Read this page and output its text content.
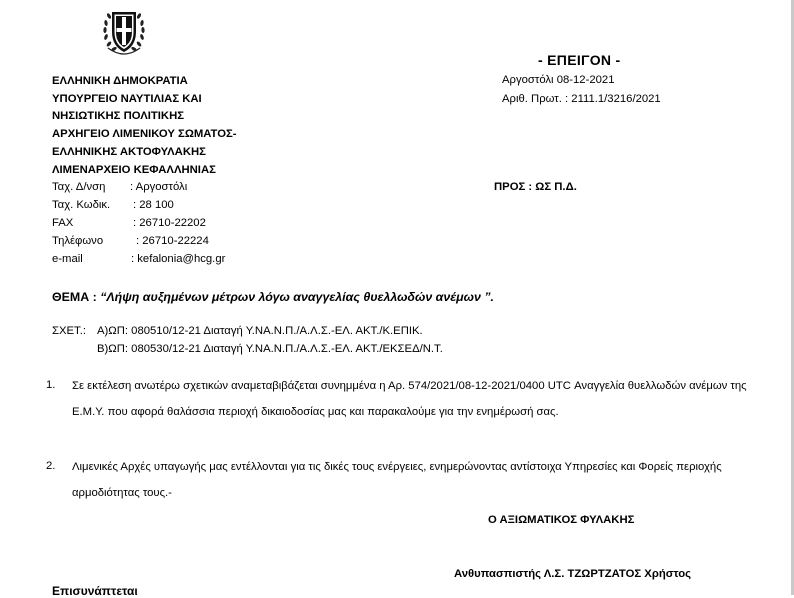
- ΕΠΕΙΓΟΝ -
Αργοστόλι 08-12-2021
Αριθ. Πρωτ. : 2111.1/3216/2021
ΕΛΛΗΝΙΚΗ ΔΗΜΟΚΡΑΤΙΑ
ΥΠΟΥΡΓΕΙΟ ΝΑΥΤΙΛΙΑΣ ΚΑΙ
ΝΗΣΙΩΤΙΚΗΣ ΠΟΛΙΤΙΚΗΣ
ΑΡΧΗΓΕΙΟ ΛΙΜΕΝΙΚΟΥ ΣΩΜΑΤΟΣ-
ΕΛΛΗΝΙΚΗΣ ΑΚΤΟΦΥΛΑΚΗΣ
ΛΙΜΕΝΑΡΧΕΙΟ ΚΕΦΑΛΛΗΝΙΑΣ
Ταχ. Δ/νση : Αργοστόλι
Ταχ. Κωδικ. : 28 100
FAX	: 26710-22202
Τηλέφωνο	: 26710-22224
e-mail	: kefalonia@hcg.gr
ΠΡΟΣ : ΩΣ Π.Δ.
ΘΕΜΑ : “Λήψη αυξημένων μέτρων λόγω αναγγελίας θυελλωδών ανέμων ”.
ΣΧΕΤ.: Α)ΩΠ: 080510/12-21 Διαταγή Υ.ΝΑ.Ν.Π./Α.Λ.Σ.-ΕΛ. ΑΚΤ./Κ.ΕΠΙΚ.
Β)ΩΠ: 080530/12-21 Διαταγή Υ.ΝΑ.Ν.Π./Α.Λ.Σ.-ΕΛ. ΑΚΤ./ΕΚΣΕΔ/Ν.Τ.
1. Σε εκτέλεση ανωτέρω σχετικών αναμεταβιβάζεται συνημμένα η Αρ. 574/2021/08-12-2021/0400 UTC Αναγγελία θυελλωδών ανέμων της Ε.Μ.Υ. που αφορά θαλάσσια περιοχή δικαιοδοσίας μας και παρακαλούμε για την ενημέρωσή σας.
2. Λιμενικές Αρχές υπαγωγής μας εντέλλονται για τις δικές τους ενέργειες, ενημερώνοντας αντίστοιχα Υπηρεσίες και Φορείς περιοχής αρμοδιότητας τους.-
Ο ΑΞΙΩΜΑΤΙΚΟΣ ΦΥΛΑΚΗΣ
Ανθυπασπιστής Λ.Σ. ΤΖΩΡΤΖΑΤΟΣ Χρήστος
Επισυνάπτεται
